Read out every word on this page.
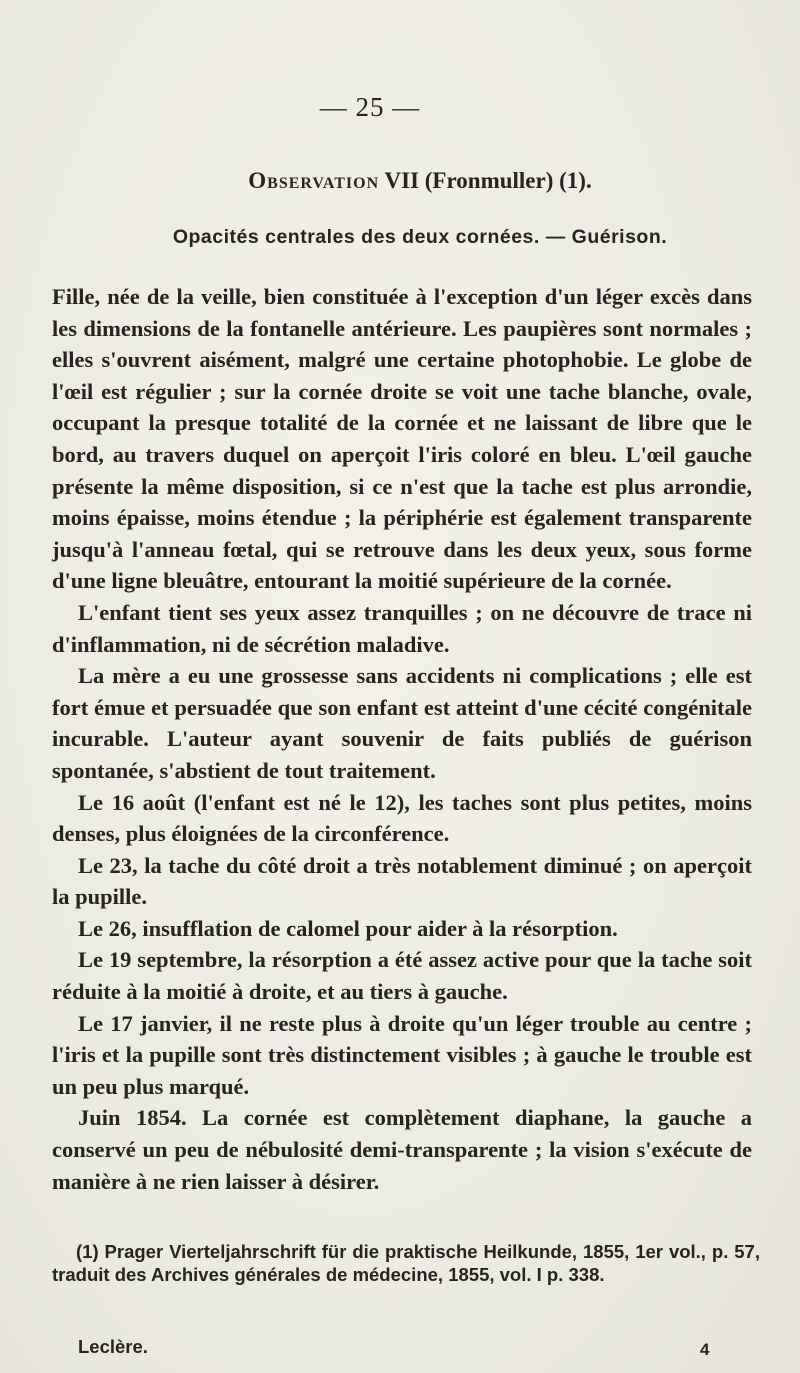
— 25 —
Observation VII (Fronmuller) (1).
Opacités centrales des deux cornées. — Guérison.

Fille, née de la veille, bien constituée à l'exception d'un léger excès dans les dimensions de la fontanelle antérieure. Les paupières sont normales ; elles s'ouvrent aisément, malgré une certaine photophobie. Le globe de l'œil est régulier ; sur la cornée droite se voit une tache blanche, ovale, occupant la presque totalité de la cornée et ne laissant de libre que le bord, au travers duquel on aperçoit l'iris coloré en bleu. L'œil gauche présente la même disposition, si ce n'est que la tache est plus arrondie, moins épaisse, moins étendue ; la périphérie est également transparente jusqu'à l'anneau fœtal, qui se retrouve dans les deux yeux, sous forme d'une ligne bleuâtre, entourant la moitié supérieure de la cornée.

L'enfant tient ses yeux assez tranquilles ; on ne découvre de trace ni d'inflammation, ni de sécrétion maladive.

La mère a eu une grossesse sans accidents ni complications ; elle est fort émue et persuadée que son enfant est atteint d'une cécité congénitale incurable. L'auteur ayant souvenir de faits publiés de guérison spontanée, s'abstient de tout traitement.

Le 16 août (l'enfant est né le 12), les taches sont plus petites, moins denses, plus éloignées de la circonférence.

Le 23, la tache du côté droit a très notablement diminué ; on aperçoit la pupille.

Le 26, insufflation de calomel pour aider à la résorption.

Le 19 septembre, la résorption a été assez active pour que la tache soit réduite à la moitié à droite, et au tiers à gauche.

Le 17 janvier, il ne reste plus à droite qu'un léger trouble au centre ; l'iris et la pupille sont très distinctement visibles ; à gauche le trouble est un peu plus marqué.

Juin 1854. La cornée est complètement diaphane, la gauche a conservé un peu de nébulosité demi-transparente ; la vision s'exécute de manière à ne rien laisser à désirer.

(1) Prager Vierteljahrschrift für die praktische Heilkunde, 1855, 1er vol., p. 57, traduit des Archives générales de médecine, 1855, vol. I p. 338.

Leclère.	4
